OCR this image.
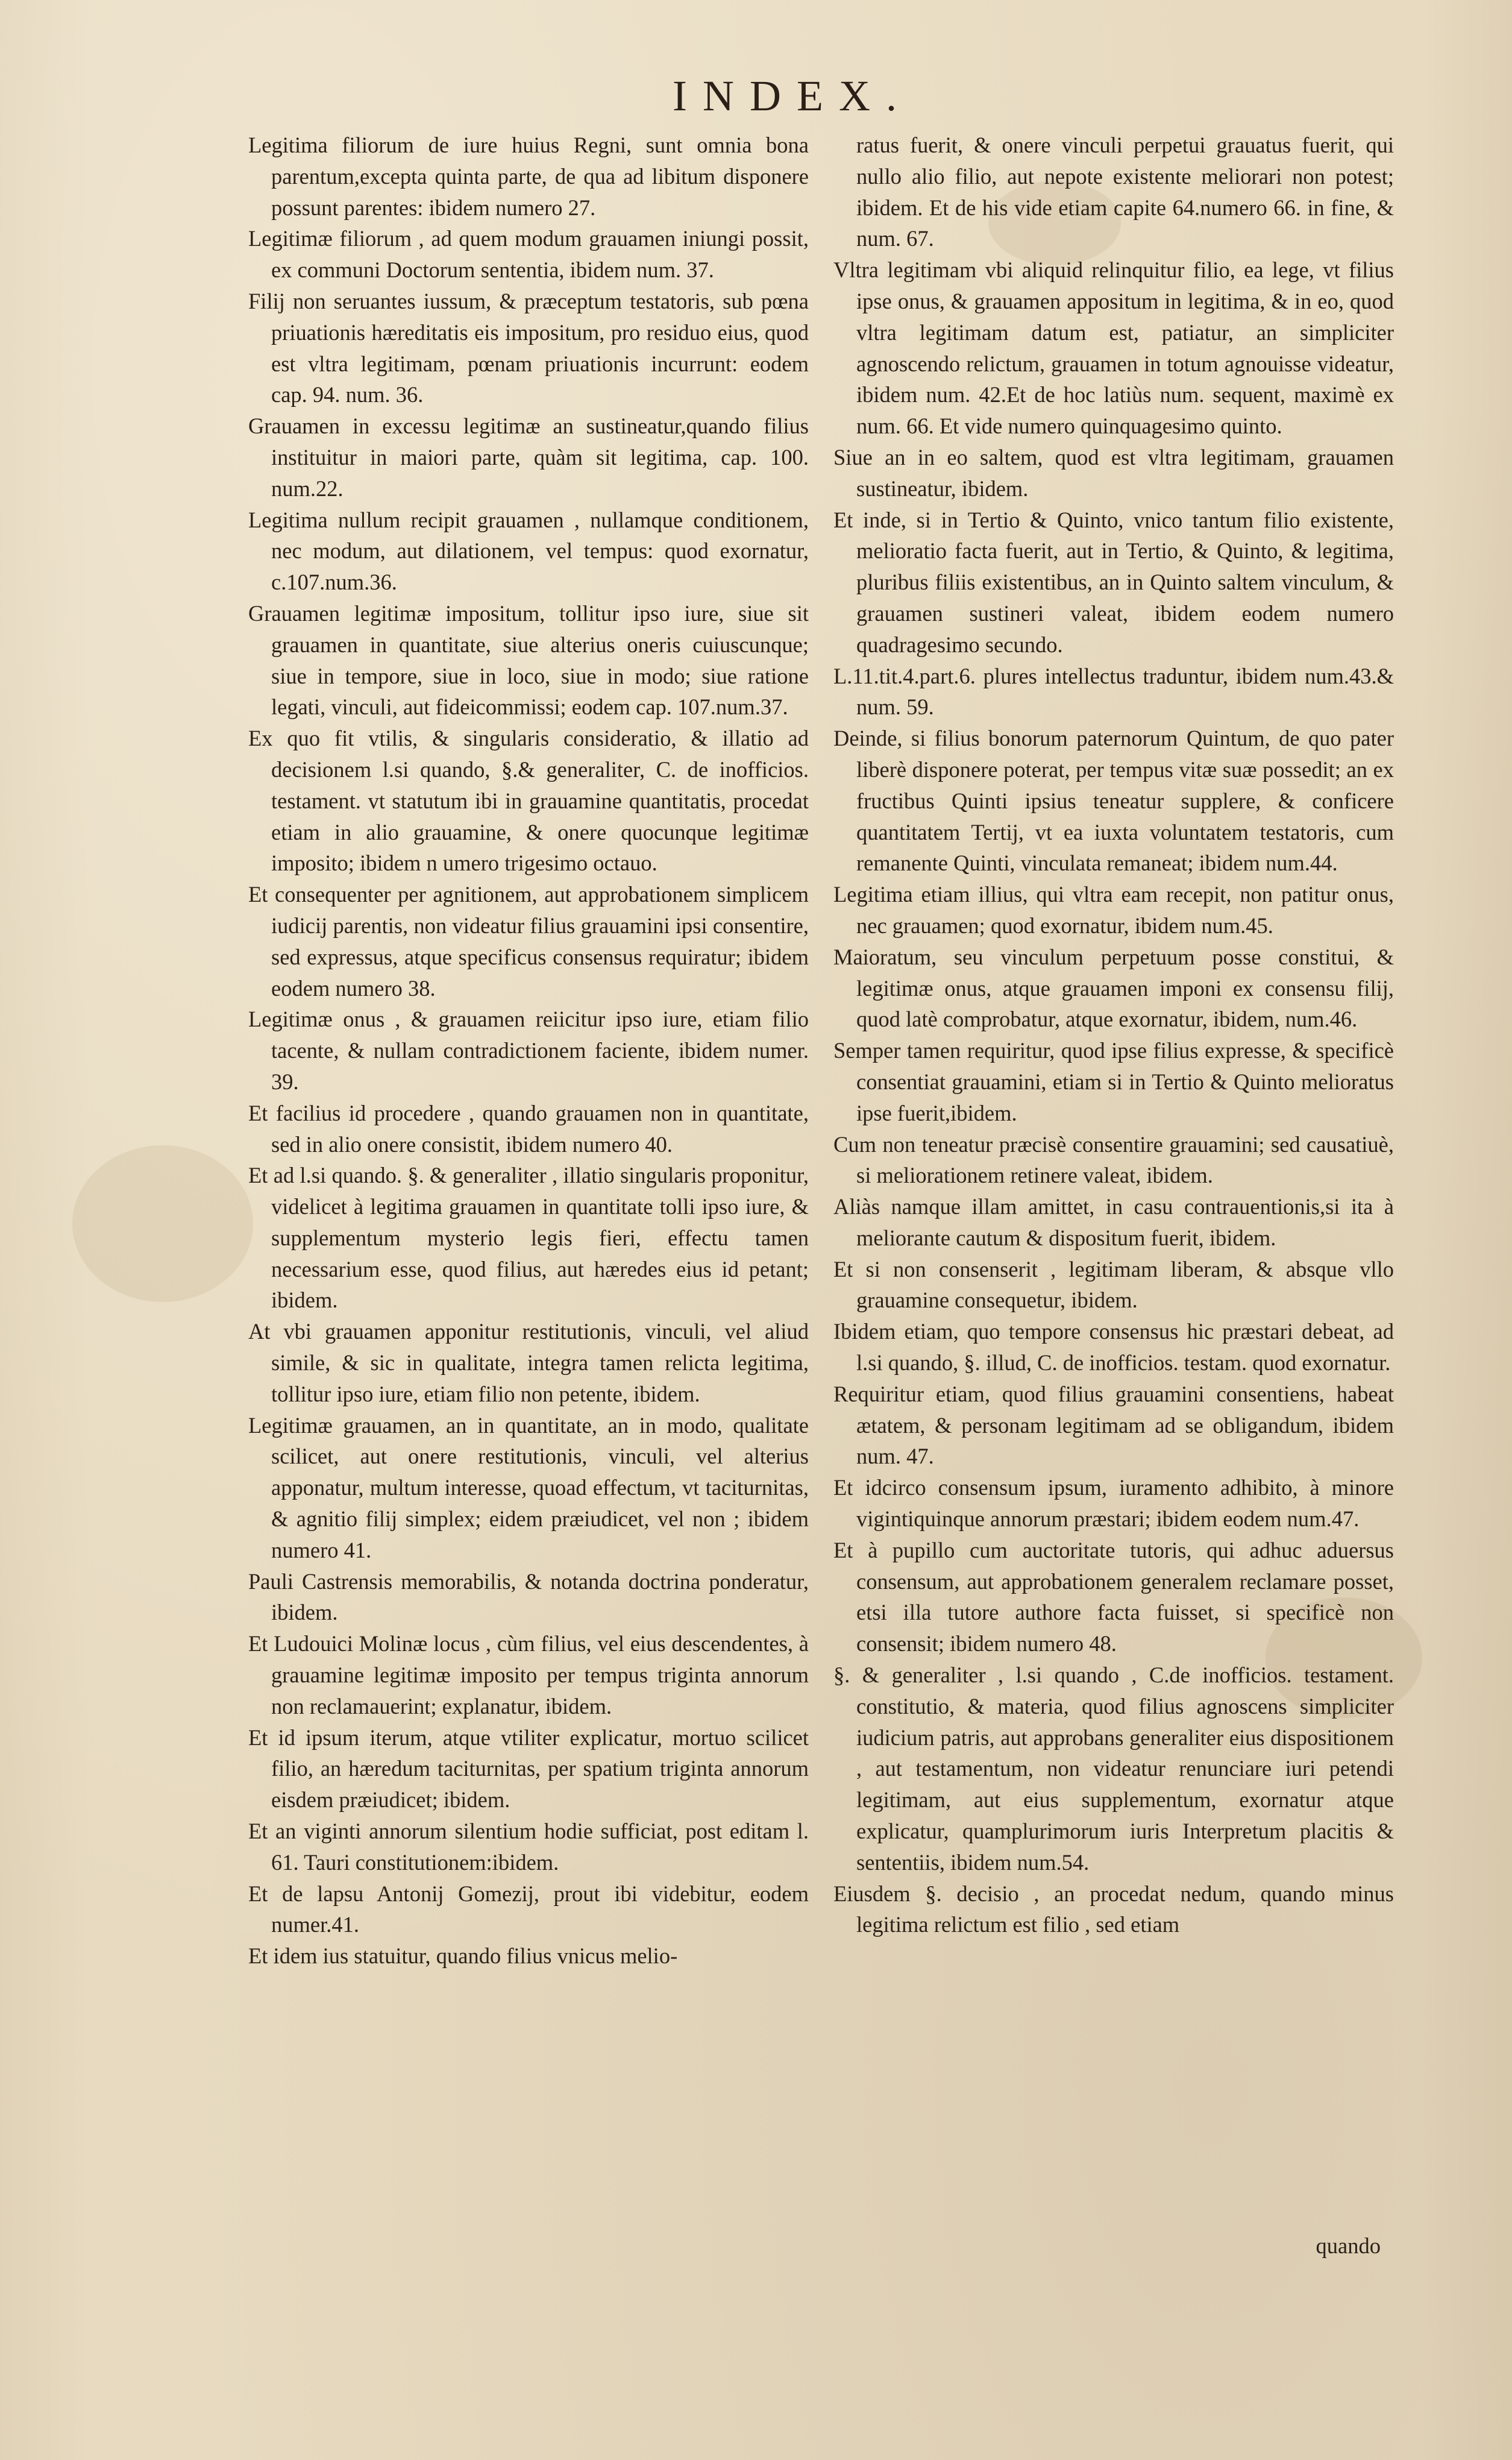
INDEX.

Legitima filiorum de iure huius Regni, sunt omnia bona parentum,excepta quinta parte, de qua ad libitum disponere possunt parentes: ibidem numero 27.

Legitimæ filiorum , ad quem modum grauamen iniungi possit, ex communi Doctorum sententia, ibidem num. 37.

Filij non seruantes iussum, & præceptum testatoris, sub pœna priuationis hæreditatis eis impositum, pro residuo eius, quod est vltra legitimam, pœnam priuationis incurrunt: eodem cap. 94. num. 36.

Grauamen in excessu legitimæ an sustineatur,quando filius instituitur in maiori parte, quàm sit legitima, cap. 100. num.22.

Legitima nullum recipit grauamen , nullamque conditionem, nec modum, aut dilationem, vel tempus: quod exornatur, c.107.num.36.

Grauamen legitimæ impositum, tollitur ipso iure, siue sit grauamen in quantitate, siue alterius oneris cuiuscunque; siue in tempore, siue in loco, siue in modo; siue ratione legati, vinculi, aut fideicommissi; eodem cap. 107.num.37.

Ex quo fit vtilis, & singularis consideratio, & illatio ad decisionem l.si quando, §.& generaliter, C. de inofficios. testament. vt statutum ibi in grauamine quantitatis, procedat etiam in alio grauamine, & onere quocunque legitimæ imposito; ibidem n umero trigesimo octauo.

Et consequenter per agnitionem, aut approbationem simplicem iudicij parentis, non videatur filius grauamini ipsi consentire, sed expressus, atque specificus consensus requiratur; ibidem eodem numero 38.

Legitimæ onus , & grauamen reiicitur ipso iure, etiam filio tacente, & nullam contradictionem faciente, ibidem numer. 39.

Et facilius id procedere , quando grauamen non in quantitate, sed in alio onere consistit, ibidem numero 40.

Et ad l.si quando. §. & generaliter , illatio singularis proponitur, videlicet à legitima grauamen in quantitate tolli ipso iure, & supplementum mysterio legis fieri, effectu tamen necessarium esse, quod filius, aut hæredes eius id petant; ibidem.

At vbi grauamen apponitur restitutionis, vinculi, vel aliud simile, & sic in qualitate, integra tamen relicta legitima, tollitur ipso iure, etiam filio non petente, ibidem.

Legitimæ grauamen, an in quantitate, an in modo, qualitate scilicet, aut onere restitutionis, vinculi, vel alterius apponatur, multum interesse, quoad effectum, vt taciturnitas, & agnitio filij simplex; eidem præiudicet, vel non ; ibidem numero 41.

Pauli Castrensis memorabilis, & notanda doctrina ponderatur, ibidem.

Et Ludouici Molinæ locus , cùm filius, vel eius descendentes, à grauamine legitimæ imposito per tempus triginta annorum non reclamauerint; explanatur, ibidem.

Et id ipsum iterum, atque vtiliter explicatur, mortuo scilicet filio, an hæredum taciturnitas, per spatium triginta annorum eisdem præiudicet; ibidem.

Et an viginti annorum silentium hodie sufficiat, post editam l. 61. Tauri constitutionem:ibidem.

Et de lapsu Antonij Gomezij, prout ibi videbitur, eodem numer.41.

Et idem ius statuitur, quando filius vnicus melio-

ratus fuerit, & onere vinculi perpetui grauatus fuerit, qui nullo alio filio, aut nepote existente meliorari non potest; ibidem. Et de his vide etiam capite 64.numero 66. in fine, & num. 67.

Vltra legitimam vbi aliquid relinquitur filio, ea lege, vt filius ipse onus, & grauamen appositum in legitima, & in eo, quod vltra legitimam datum est, patiatur, an simpliciter agnoscendo relictum, grauamen in totum agnouisse videatur, ibidem num. 42.Et de hoc latiùs num. sequent, maximè ex num. 66. Et vide numero quinquagesimo quinto.

Siue an in eo saltem, quod est vltra legitimam, grauamen sustineatur, ibidem.

Et inde, si in Tertio & Quinto, vnico tantum filio existente, melioratio facta fuerit, aut in Tertio, & Quinto, & legitima, pluribus filiis existentibus, an in Quinto saltem vinculum, & grauamen sustineri valeat, ibidem eodem numero quadragesimo secundo.

L.11.tit.4.part.6. plures intellectus traduntur, ibidem num.43.& num. 59.

Deinde, si filius bonorum paternorum Quintum, de quo pater liberè disponere poterat, per tempus vitæ suæ possedit; an ex fructibus Quinti ipsius teneatur supplere, & conficere quantitatem Tertij, vt ea iuxta voluntatem testatoris, cum remanente Quinti, vinculata remaneat; ibidem num.44.

Legitima etiam illius, qui vltra eam recepit, non patitur onus, nec grauamen; quod exornatur, ibidem num.45.

Maioratum, seu vinculum perpetuum posse constitui, & legitimæ onus, atque grauamen imponi ex consensu filij, quod latè comprobatur, atque exornatur, ibidem, num.46.

Semper tamen requiritur, quod ipse filius expresse, & specificè consentiat grauamini, etiam si in Tertio & Quinto melioratus ipse fuerit,ibidem.

Cum non teneatur præcisè consentire grauamini; sed causatiuè, si meliorationem retinere valeat, ibidem.

Aliàs namque illam amittet, in casu contrauentionis,si ita à meliorante cautum & dispositum fuerit, ibidem.

Et si non consenserit , legitimam liberam, & absque vllo grauamine consequetur, ibidem.

Ibidem etiam, quo tempore consensus hic præstari debeat, ad l.si quando, §. illud, C. de inofficios. testam. quod exornatur.

Requiritur etiam, quod filius grauamini consentiens, habeat ætatem, & personam legitimam ad se obligandum, ibidem num. 47.

Et idcirco consensum ipsum, iuramento adhibito, à minore vigintiquinque annorum præstari; ibidem eodem num.47.

Et à pupillo cum auctoritate tutoris, qui adhuc aduersus consensum, aut approbationem generalem reclamare posset, etsi illa tutore authore facta fuisset, si specificè non consensit; ibidem numero 48.

§. & generaliter , l.si quando , C.de inofficios. testament. constitutio, & materia, quod filius agnoscens simpliciter iudicium patris, aut approbans generaliter eius dispositionem , aut testamentum, non videatur renunciare iuri petendi legitimam, aut eius supplementum, exornatur atque explicatur, quamplurimorum iuris Interpretum placitis & sententiis, ibidem num.54.

Eiusdem §. decisio , an procedat nedum, quando minus legitima relictum est filio , sed etiam

quando
